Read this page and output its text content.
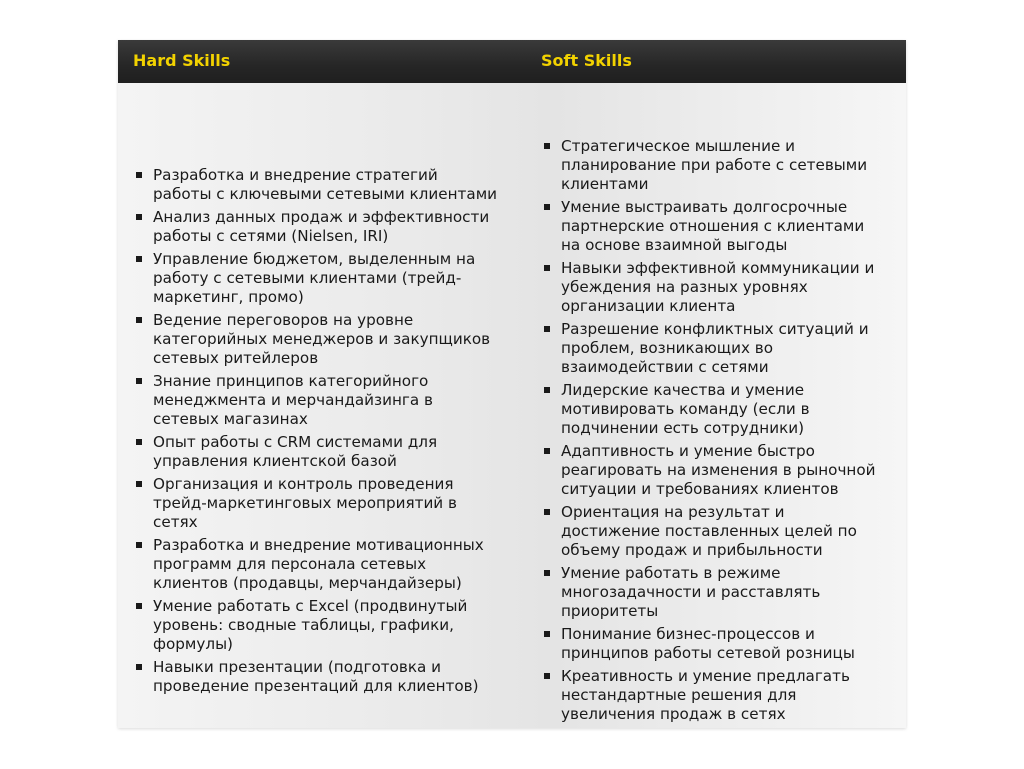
Hard Skills	Soft Skills
Разработка и внедрение стратегий работы с ключевыми сетевыми клиентами
Анализ данных продаж и эффективности работы с сетями (Nielsen, IRI)
Управление бюджетом, выделенным на работу с сетевыми клиентами (трейд-маркетинг, промо)
Ведение переговоров на уровне категорийных менеджеров и закупщиков сетевых ритейлеров
Знание принципов категорийного менеджмента и мерчандайзинга в сетевых магазинах
Опыт работы с CRM системами для управления клиентской базой
Организация и контроль проведения трейд-маркетинговых мероприятий в сетях
Разработка и внедрение мотивационных программ для персонала сетевых клиентов (продавцы, мерчандайзеры)
Умение работать с Excel (продвинутый уровень: сводные таблицы, графики, формулы)
Навыки презентации (подготовка и проведение презентаций для клиентов)
Стратегическое мышление и планирование при работе с сетевыми клиентами
Умение выстраивать долгосрочные партнерские отношения с клиентами на основе взаимной выгоды
Навыки эффективной коммуникации и убеждения на разных уровнях организации клиента
Разрешение конфликтных ситуаций и проблем, возникающих во взаимодействии с сетями
Лидерские качества и умение мотивировать команду (если в подчинении есть сотрудники)
Адаптивность и умение быстро реагировать на изменения в рыночной ситуации и требованиях клиентов
Ориентация на результат и достижение поставленных целей по объему продаж и прибыльности
Умение работать в режиме многозадачности и расставлять приоритеты
Понимание бизнес-процессов и принципов работы сетевой розницы
Креативность и умение предлагать нестандартные решения для увеличения продаж в сетях
